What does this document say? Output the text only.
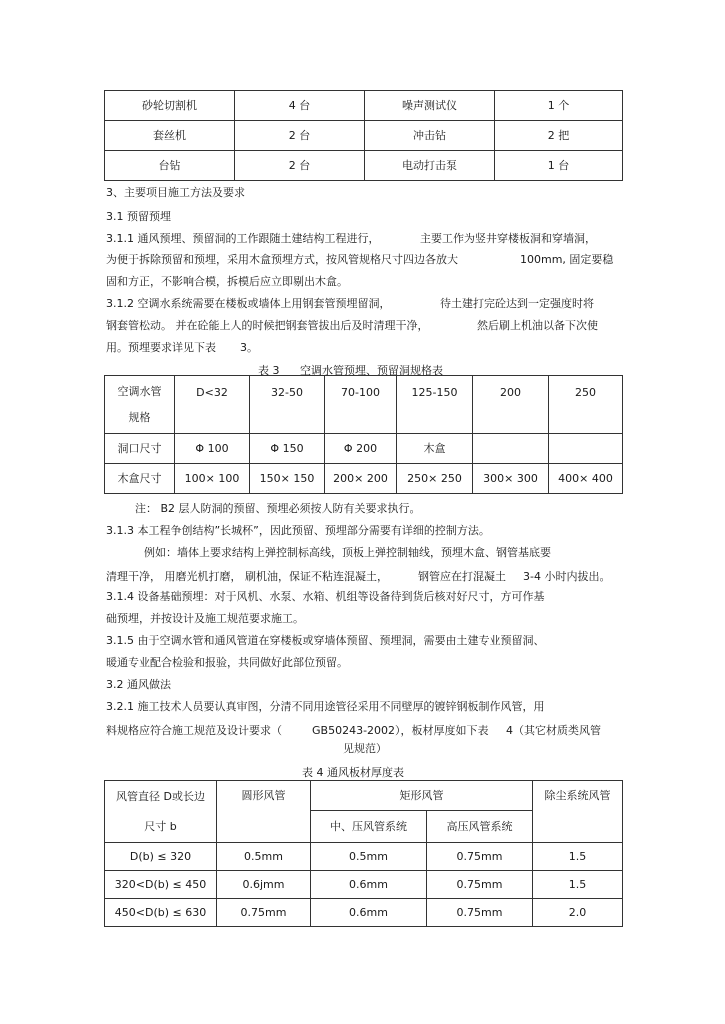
砂轮切割机	4 台	噪声测试仪	1 个
套丝机	2 台	冲击钻	2 把
台钻	2 台	电动打击泵	1 台
3、主要项目施工方法及要求
3.1 预留预埋
3.1.1 通风预埋、预留洞的工作跟随土建结构工程进行，	主要工作为竖井穿楼板洞和穿墙洞，
为便于拆除预留和预埋，采用木盒预埋方式，按风管规格尺寸四边各放大	100mm, 固定要稳
固和方正，不影响合模，拆模后应立即剔出木盒。
3.1.2 空调水系统需要在楼板或墙体上用钢套管预埋留洞，	待土建打完砼达到一定强度时将
钢套管松动。 并在砼能上人的时候把钢套管拔出后及时清理干净，	然后刷上机油以备下次使
用。预埋要求详见下表 3。
表 3 空调水管预埋、预留洞规格表
空调水管
规格	D<32	32-50	70-100	125-150	200	250
洞口尺寸	Φ 100	Φ 150	Φ 200	木盒		
木盒尺寸	100× 100	150× 150	200× 200	250× 250	300× 300	400× 400
注： B2 层人防洞的预留、预埋必须按人防有关要求执行。
3.1.3 本工程争创结构”长城杯”，因此预留、预埋部分需要有详细的控制方法。
例如：墙体上要求结构上弹控制标高线，顶板上弹控制轴线，预埋木盒、钢管基底要
清理干净， 用磨光机打磨， 刷机油，保证不粘连混凝土，	钢管应在打混凝土 3-4 小时内拔出。
3.1.4 设备基础预埋：对于风机、水泵、水箱、机组等设备待到货后核对好尺寸，方可作基
础预埋，并按设计及施工规范要求施工。
3.1.5 由于空调水管和通风管道在穿楼板或穿墙体预留、预埋洞，需要由土建专业预留洞、
暖通专业配合检验和报验，共同做好此部位预留。
3.2 通风做法
3.2.1 施工技术人员要认真审图，分清不同用途管径采用不同壁厚的镀锌钢板制作风管，用
料规格应符合施工规范及设计要求（	GB50243-2002），板材厚度如下表 4（其它材质类风管
见规范）
表 4 通风板材厚度表
风管直径 D或长边
尺寸 b	圆形风管	矩形风管		除尘系统风管
		中、压风管系统	高压风管系统	
D(b) ≤ 320	0.5mm	0.5mm	0.75mm	1.5
320<D(b) ≤ 450	0.6jmm	0.6mm	0.75mm	1.5
450<D(b) ≤ 630	0.75mm	0.6mm	0.75mm	2.0
